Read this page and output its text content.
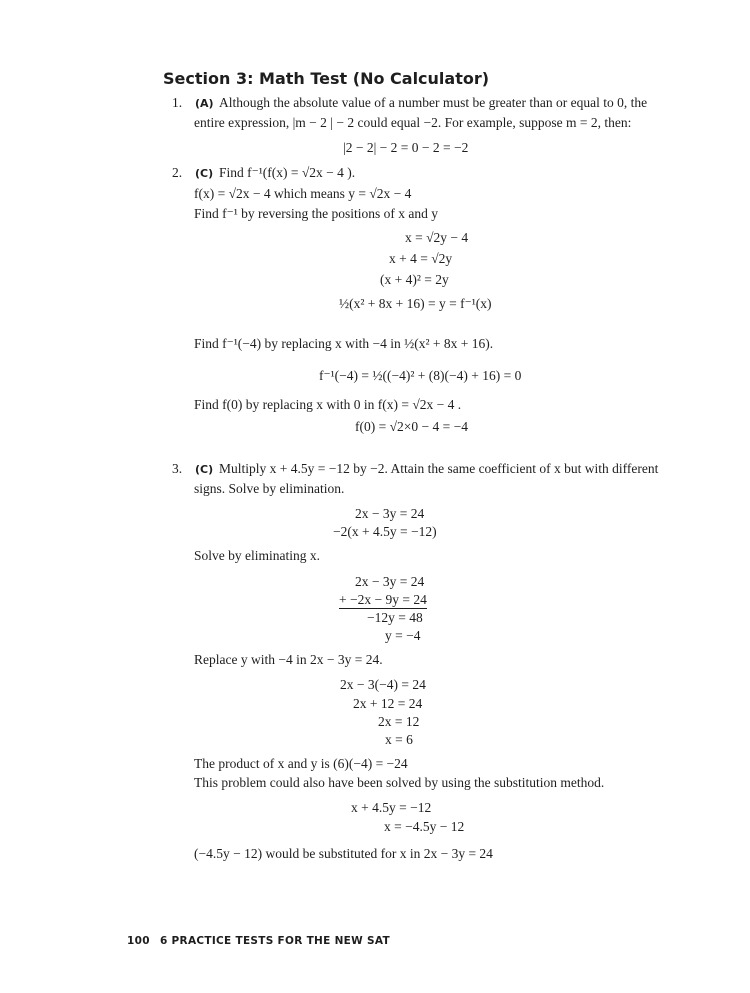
Section 3: Math Test (No Calculator)
1. (A) Although the absolute value of a number must be greater than or equal to 0, the
entire expression, |m − 2 | − 2 could equal −2. For example, suppose m = 2, then:
|2 − 2| − 2 = 0 − 2 = −2
2. (C) Find f⁻¹(f(x) = √2x − 4 ).
f(x) = √2x − 4 which means y = √2x − 4
Find f⁻¹ by reversing the positions of x and y
x = √2y − 4
x + 4 = √2y
(x + 4)² = 2y
½(x² + 8x + 16) = y = f⁻¹(x)
Find f⁻¹(−4) by replacing x with −4 in ½(x² + 8x + 16).
f⁻¹(−4) = ½((−4)² + (8)(−4) + 16) = 0
Find f(0) by replacing x with 0 in f(x) = √2x − 4 .
f(0) = √2×0 − 4 = −4
3. (C) Multiply x + 4.5y = −12 by −2. Attain the same coefficient of x but with different
signs. Solve by elimination.
2x − 3y = 24
−2(x + 4.5y = −12)
Solve by eliminating x.
2x − 3y = 24
+ −2x − 9y = 24
−12y = 48
y = −4
Replace y with −4 in 2x − 3y = 24.
2x − 3(−4) = 24
2x + 12 = 24
2x = 12
x = 6
The product of x and y is (6)(−4) = −24
This problem could also have been solved by using the substitution method.
x + 4.5y = −12
x = −4.5y − 12
(−4.5y − 12) would be substituted for x in 2x − 3y = 24
100 6 PRACTICE TESTS FOR THE NEW SAT
